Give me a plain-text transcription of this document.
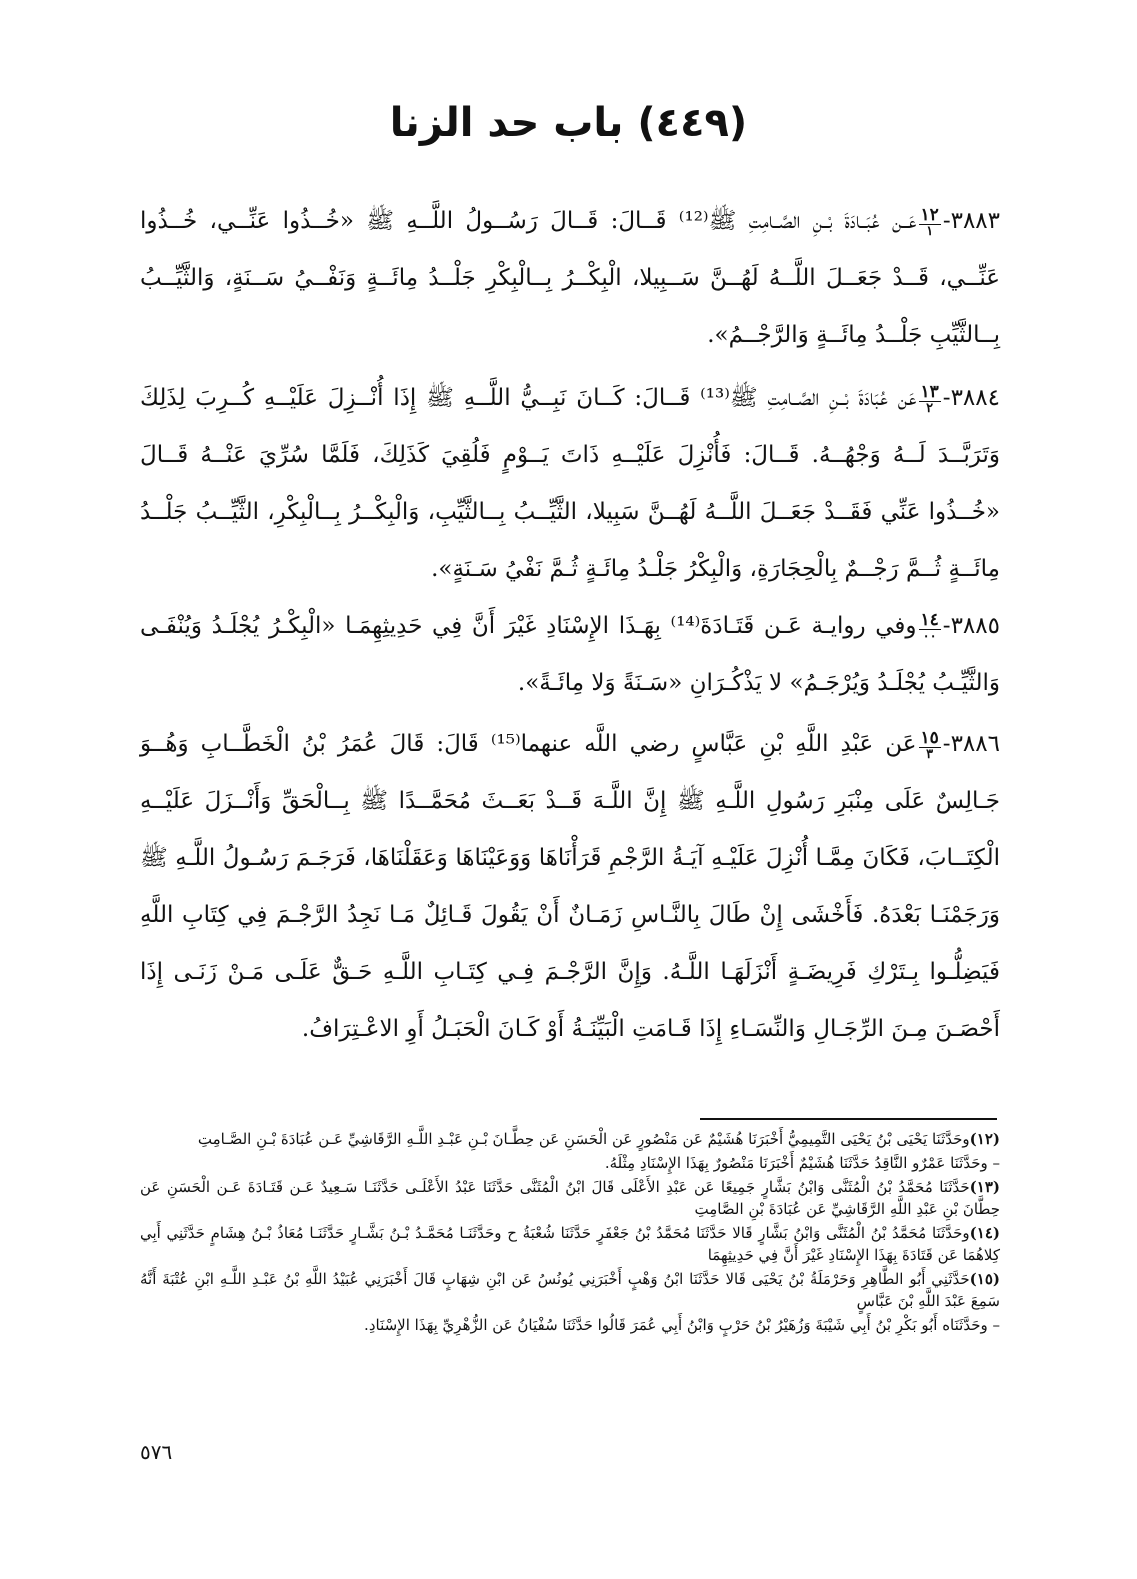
(٤٤٩) باب حد الزنا
٣٨٨٣-
١٢
١
عَــن عُبَــادَةَ بْــنِ الصَّــامِتِ ﷺ⁽¹²⁾ قَــالَ: قَــالَ رَسُــولُ اللَّــهِ ﷺ «خُــذُوا عَنِّــي، خُــذُوا عَنِّــي، قَــدْ جَعَــلَ اللَّــهُ لَهُــنَّ سَــبِيلا، الْبِكْــرُ بِــالْبِكْرِ جَلْــدُ مِائَــةٍ وَنَفْــيُ سَــنَةٍ، وَالثَّيِّــبُ بِــالثَّيِّبِ جَلْــدُ مِائَــةٍ وَالرَّجْــمُ».
٣٨٨٤-
١٣
٢
عَن عُبَادَةَ بْــنِ الصَّــامِتِ ﷺ⁽¹³⁾ قَــالَ: كَــانَ نَبِــيُّ اللَّــهِ ﷺ إِذَا أُنْــزِلَ عَلَيْــهِ كُــرِبَ لِذَلِكَ وَتَرَبَّــدَ لَــهُ وَجْهُــهُ. قَــالَ: فَأُنْزِلَ عَلَيْــهِ ذَاتَ يَــوْمٍ فَلُقِيَ كَذَلِكَ، فَلَمَّا سُرِّيَ عَنْــهُ قَــالَ «خُــذُوا عَنِّي فَقَــدْ جَعَــلَ اللَّــهُ لَهُــنَّ سَبِيلا، الثَّيِّــبُ بِــالثَّيِّبِ، وَالْبِكْــرُ بِــالْبِكْرِ، الثَّيِّــبُ جَلْــدُ مِائَــةٍ ثُــمَّ رَجْــمٌ بِالْحِجَارَةِ، وَالْبِكْرُ جَلْـدُ مِائَـةٍ ثُـمَّ نَفْيُ سَـنَةٍ».
٣٨٨٥-
١٤
٠٠
وفي روايـة عَـن قَتَـادَةَ⁽¹⁴⁾ بِهَـذَا الإِسْنَادِ غَيْرَ أَنَّ فِي حَدِيثِهِمَـا «الْبِكْـرُ يُجْلَـدُ وَيُنْفَـى وَالثَّيِّـبُ يُجْلَـدُ وَيُرْجَـمُ» لا يَذْكُـرَانِ «سَـنَةً وَلا مِائَـةً».
٣٨٨٦-
١٥
٣
عَن عَبْدِ اللَّهِ بْنِ عَبَّاسٍ رضي اللَّه عنهما⁽¹⁵⁾ قَالَ: قَالَ عُمَرُ بْنُ الْخَطَّــابِ وَهُــوَ جَـالِسٌ عَلَى مِنْبَرِ رَسُولِ اللَّـهِ ﷺ إِنَّ اللَّـهَ قَــدْ بَعَــثَ مُحَمَّــدًا ﷺ بِــالْحَقِّ وَأَنْــزَلَ عَلَيْــهِ الْكِتَــابَ، فَكَانَ مِمَّـا أُنْزِلَ عَلَيْـهِ آيَـةُ الرَّجْمِ قَرَأْنَاهَا وَوَعَيْنَاهَا وَعَقَلْنَاهَا، فَرَجَـمَ رَسُـولُ اللَّـهِ ﷺ وَرَجَمْنَـا بَعْدَهُ. فَأَخْشَى إِنْ طَالَ بِالنَّـاسِ زَمَـانٌ أَنْ يَقُولَ قَـائِلٌ مَـا نَجِدُ الرَّجْـمَ فِي كِتَابِ اللَّهِ فَيَضِلُّـوا بِـتَرْكِ فَرِيضَـةٍ أَنْزَلَهَـا اللَّـهُ. وَإِنَّ الرَّجْـمَ فِـي كِتَـابِ اللَّـهِ حَـقٌّ عَلَـى مَـنْ زَنَـى إِذَا أَحْصَـنَ مِـنَ الرِّجَـالِ وَالنِّسَـاءِ إِذَا قَـامَتِ الْبَيِّنَـةُ أَوْ كَـانَ الْحَبَـلُ أَوِ الاعْـتِرَافُ.
(١٢)وحَدَّثَنَا يَحْيَى بْنُ يَحْيَى التَّمِيمِيُّ أَخْبَرَنَا هُشَيْمٌ عَن مَنْصُورٍ عَن الْحَسَنِ عَن حِطَّـانَ بْـنِ عَبْـدِ اللَّـهِ الرَّقَاشِيِّ عَـن عُبَادَةَ بْـنِ الصَّـامِتِ
– وحَدَّثَنَا عَمْرٌو النَّاقِدُ حَدَّثَنَا هُشَيْمٌ أَخْبَرَنَا مَنْصُورٌ بِهَذَا الإِسْنَادِ مِثْلَهُ.
(١٣)حَدَّثَنَا مُحَمَّدُ بْنُ الْمُثَنَّى وَابْنُ بَشَّارٍ جَمِيعًا عَن عَبْدِ الأَعْلَى قَالَ ابْنُ الْمُثَنَّى حَدَّثَنَا عَبْدُ الأَعْلَـى حَدَّثَنَـا سَـعِيدٌ عَـن قَتَـادَةَ عَـن الْحَسَنِ عَن حِطَّانَ بْنِ عَبْدِ اللَّهِ الرَّقَاشِيِّ عَن عُبَادَةَ بْنِ الصَّامِتِ
(١٤)وحَدَّثَنَا مُحَمَّدُ بْنُ الْمُثَنَّى وَابْنُ بَشَّارٍ قَالا حَدَّثَنَا مُحَمَّدُ بْنُ جَعْفَرٍ حَدَّثَنَا شُعْبَةُ ح وحَدَّثَنَـا مُحَمَّـدُ بْـنُ بَشَّـارٍ حَدَّثَنَـا مُعَاذُ بْـنُ هِشَامٍ حَدَّثَنِي أَبِي كِلاهُمَا عَن قَتَادَةَ بِهَذَا الإِسْنَادِ غَيْرَ أَنَّ فِي حَدِيثِهِمَا
(١٥)حَدَّثَنِي أَبُو الطَّاهِرِ وَحَرْمَلَةُ بْنُ يَحْيَى قَالا حَدَّثَنَا ابْنُ وَهْبٍ أَخْبَرَنِي يُونُسُ عَن ابْنِ شِهَابٍ قَالَ أَخْبَرَنِي عُبَيْدُ اللَّهِ بْنُ عَبْـدِ اللَّـهِ ابْنِ عُتْبَةَ أَنَّهُ سَمِعَ عَبْدَ اللَّهِ بْنَ عَبَّاسٍ
– وحَدَّثَنَاه أَبُو بَكْرِ بْنُ أَبِي شَيْبَةَ وَزُهَيْرُ بْنُ حَرْبٍ وَابْنُ أَبِي عُمَرَ قَالُوا حَدَّثَنَا سُفْيَانُ عَن الزُّهْرِيِّ بِهَذَا الإِسْنَادِ.
٥٧٦
